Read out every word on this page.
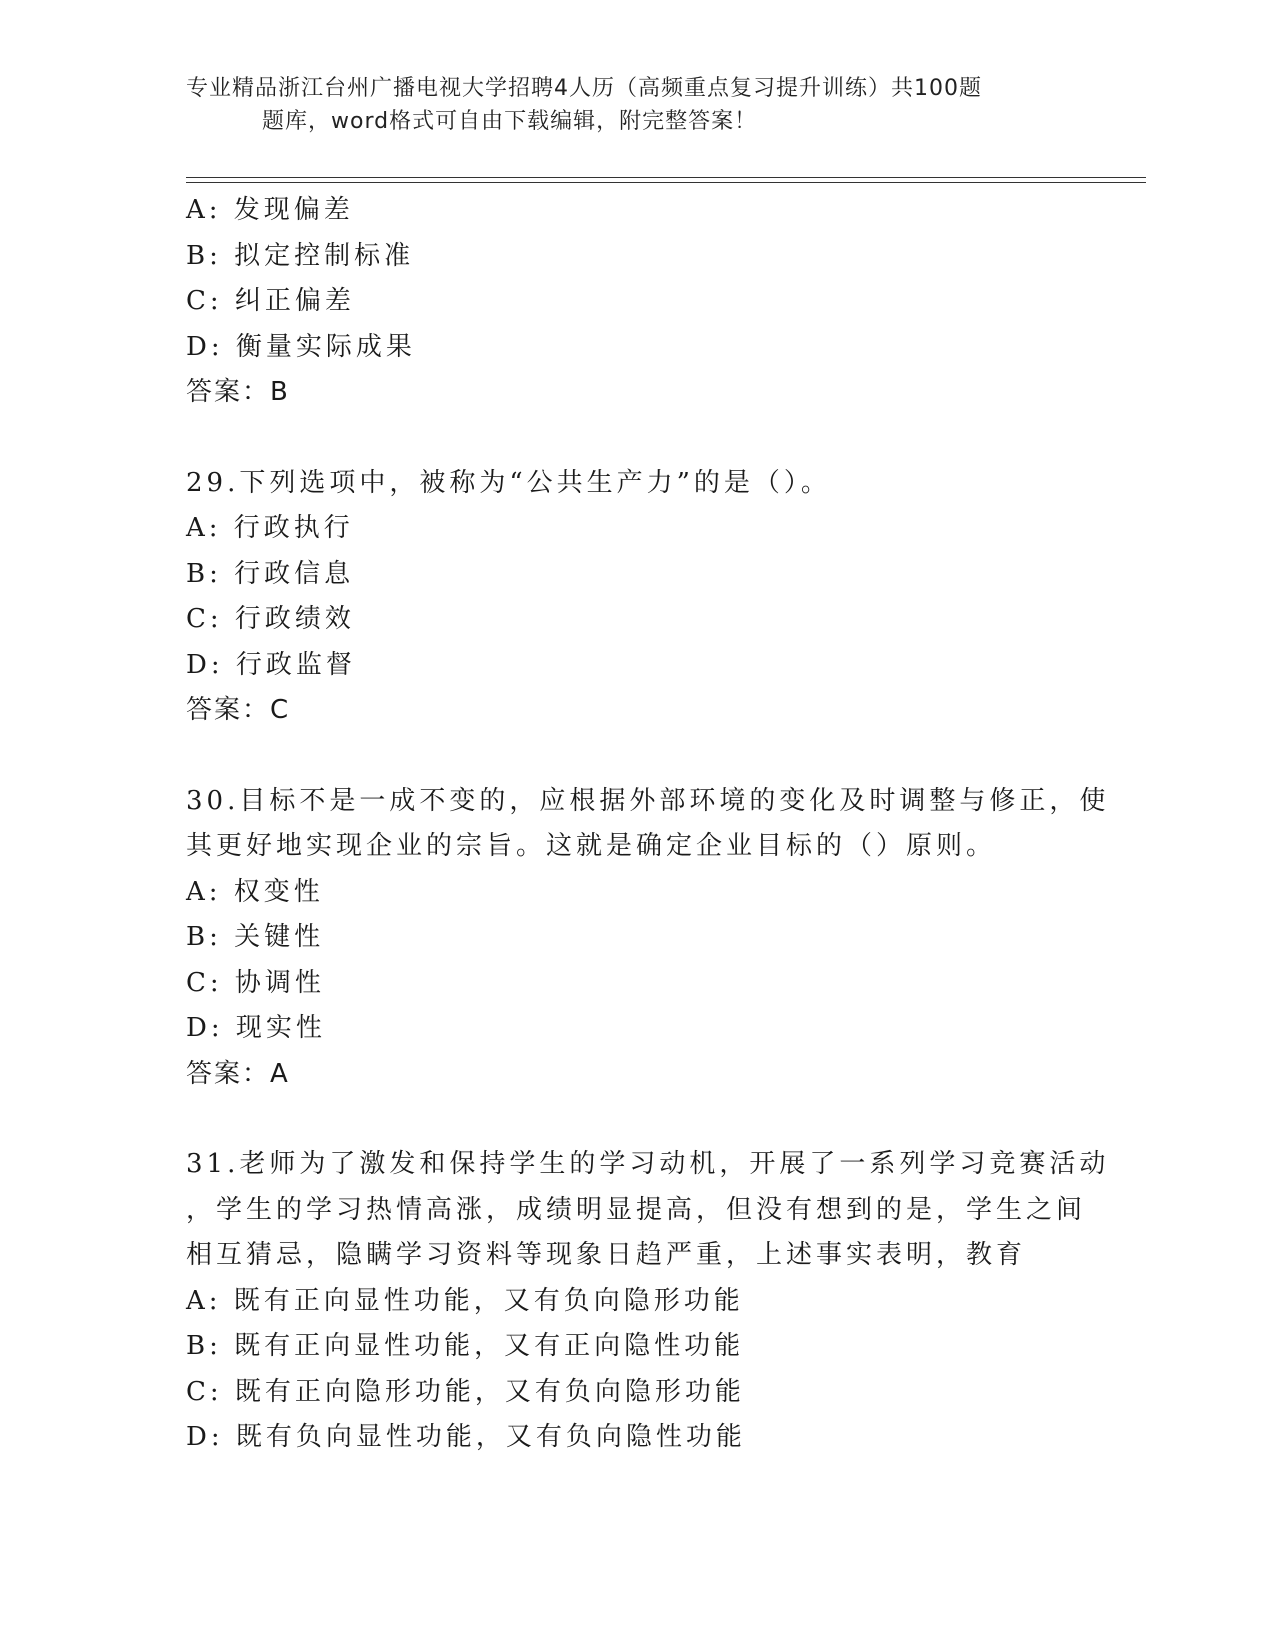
专业精品浙江台州广播电视大学招聘4人历（高频重点复习提升训练）共100题
题库，word格式可自由下载编辑，附完整答案！
A: 发现偏差
B: 拟定控制标准
C: 纠正偏差
D: 衡量实际成果
答案：B
29.下列选项中，被称为“公共生产力”的是（）。
A: 行政执行
B: 行政信息
C: 行政绩效
D: 行政监督
答案：C
30.目标不是一成不变的，应根据外部环境的变化及时调整与修正，使
其更好地实现企业的宗旨。这就是确定企业目标的（）原则。
A: 权变性
B: 关键性
C: 协调性
D: 现实性
答案：A
31.老师为了激发和保持学生的学习动机，开展了一系列学习竞赛活动
，学生的学习热情高涨，成绩明显提高，但没有想到的是，学生之间
相互猜忌，隐瞒学习资料等现象日趋严重，上述事实表明，教育
A: 既有正向显性功能，又有负向隐形功能
B: 既有正向显性功能，又有正向隐性功能
C: 既有正向隐形功能，又有负向隐形功能
D: 既有负向显性功能，又有负向隐性功能
